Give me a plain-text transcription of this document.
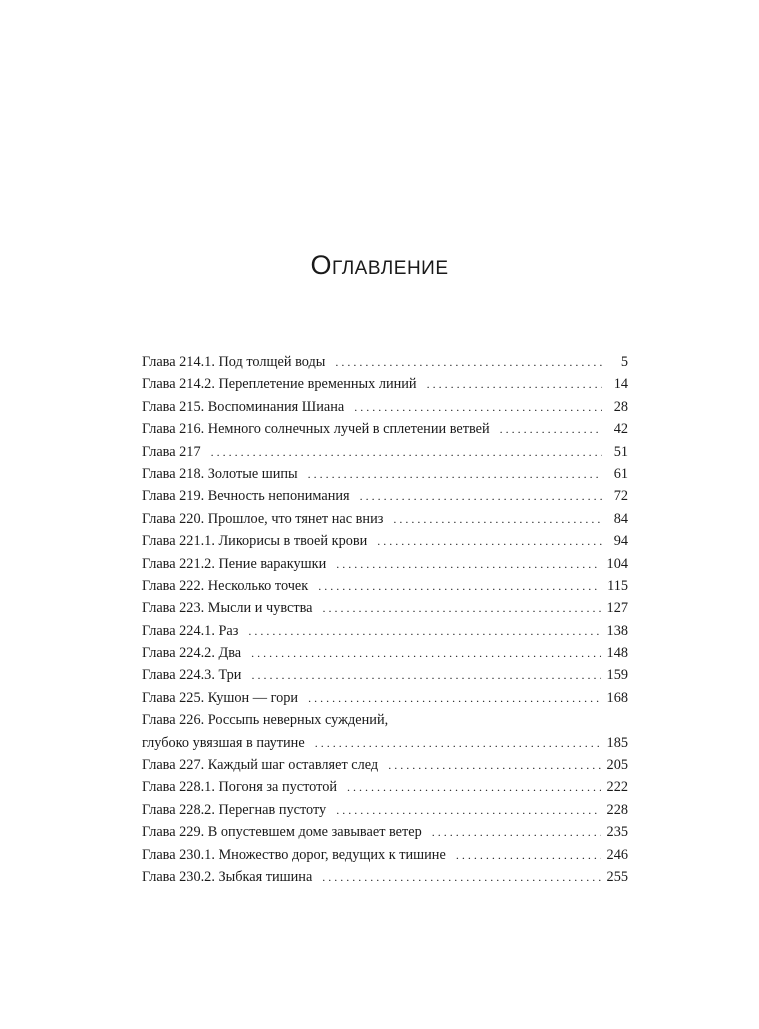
Оглавление
Глава 214.1. Под толщей воды . . .	5
Глава 214.2. Переплетение временных линий . . .	14
Глава 215. Воспоминания Шиана . . .	28
Глава 216. Немного солнечных лучей в сплетении ветвей . . .	42
Глава 217 . . .	51
Глава 218. Золотые шипы . . .	61
Глава 219. Вечность непонимания . . .	72
Глава 220. Прошлое, что тянет нас вниз . . .	84
Глава 221.1. Ликорисы в твоей крови . . .	94
Глава 221.2. Пение варакушки . . .	104
Глава 222. Несколько точек . . .	115
Глава 223. Мысли и чувства . . .	127
Глава 224.1. Раз . . .	138
Глава 224.2. Два . . .	148
Глава 224.3. Три . . .	159
Глава 225. Кушон — гори . . .	168
Глава 226. Россыпь неверных суждений,
глубоко увязшая в паутине . . .	185
Глава 227. Каждый шаг оставляет след . . .	205
Глава 228.1. Погоня за пустотой . . .	222
Глава 228.2. Перегнав пустоту . . .	228
Глава 229. В опустевшем доме завывает ветер . . .	235
Глава 230.1. Множество дорог, ведущих к тишине . . .	246
Глава 230.2. Зыбкая тишина . . .	255
